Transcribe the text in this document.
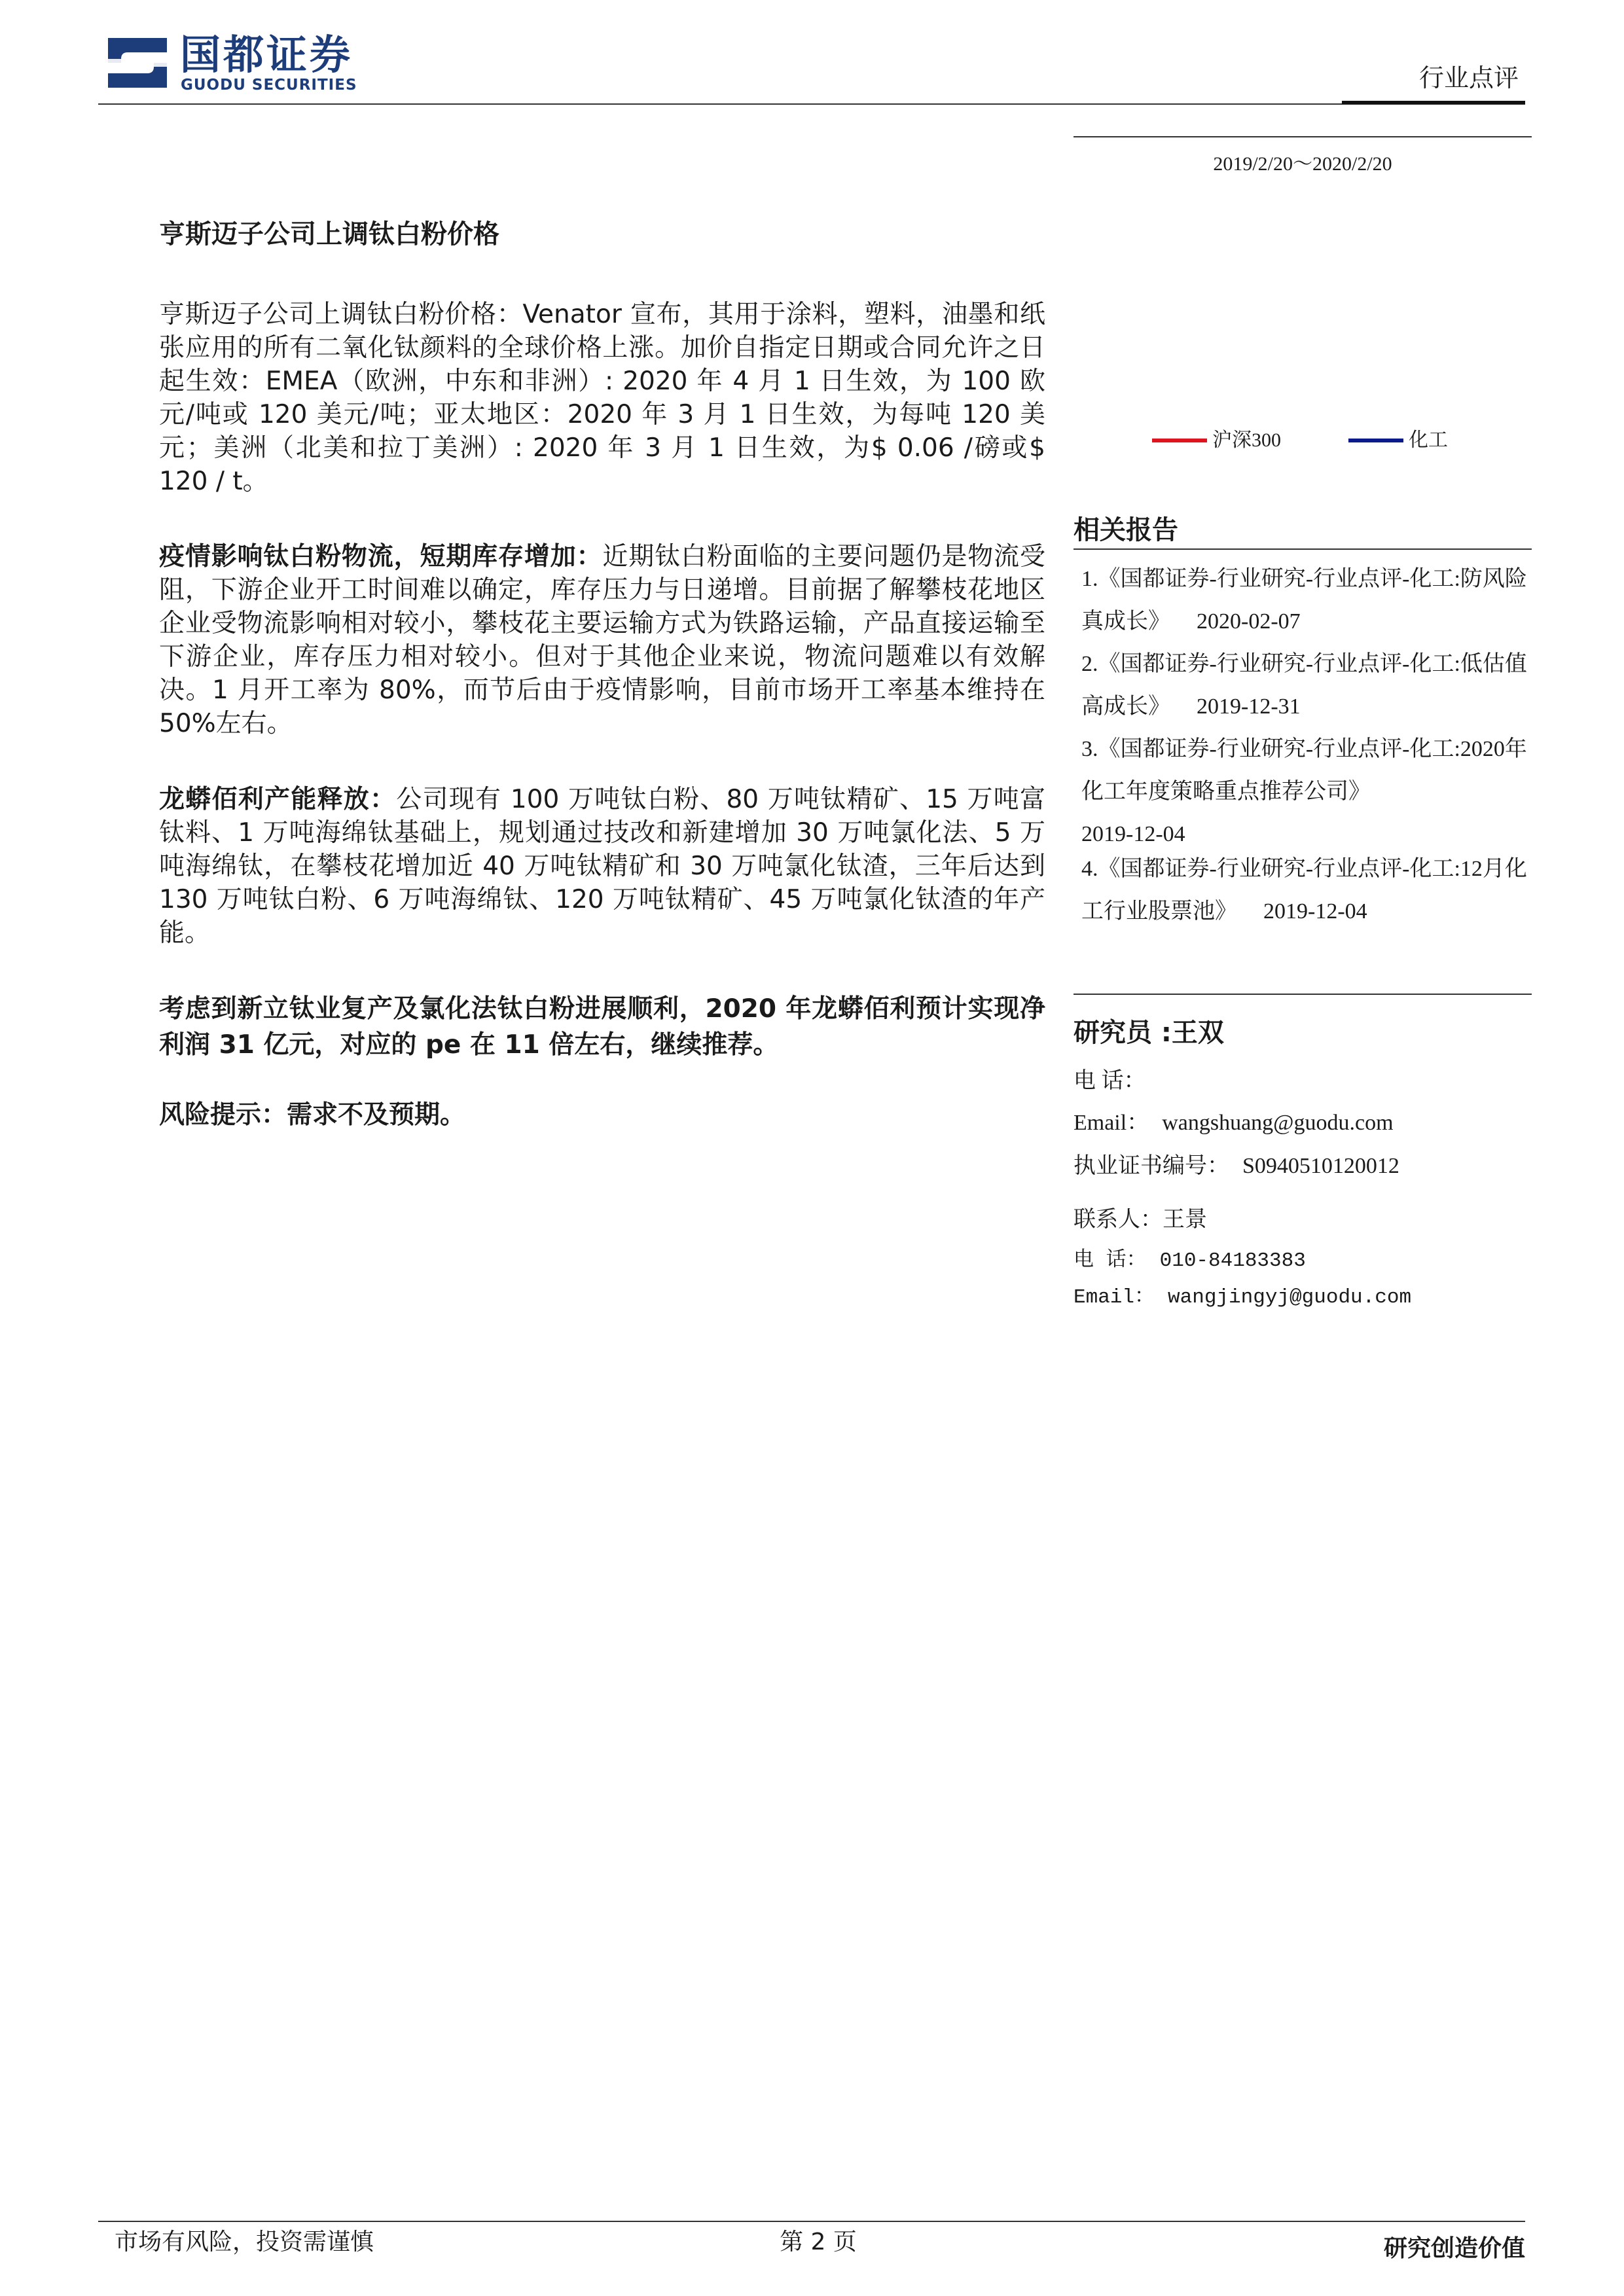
国都证券
GUODU SECURITIES	行业点评
2019/2/20～2020/2/20
沪深300	化工
相关报告
1.《国都证券-行业研究-行业点评-化工:防风险　真成长》 2020-02-07
2.《国都证券-行业研究-行业点评-化工:低估值　高成长》 2019-12-31
3.《国都证券-行业研究-行业点评-化工:2020年化工年度策略重点推荐公司》
2019-12-04
4.《国都证券-行业研究-行业点评-化工:12月化工行业股票池》 2019-12-04
研究员 :王双
电 话：
Email： wangshuang@guodu.com
执业证书编号： S0940510120012
联系人：王景
电 话： 010-84183383
Email： wangjingyj@guodu.com
亨斯迈子公司上调钛白粉价格
亨斯迈子公司上调钛白粉价格：Venator 宣布，其用于涂料，塑料，油墨和纸张应用的所有二氧化钛颜料的全球价格上涨。加价自指定日期或合同允许之日起生效：EMEA（欧洲，中东和非洲）: 2020 年 4 月 1 日生效，为 100 欧元/吨或 120 美元/吨；亚太地区：2020 年 3 月 1 日生效，为每吨 120 美元；美洲（北美和拉丁美洲）: 2020 年 3 月 1 日生效，为$ 0.06 /磅或$ 120 / t。
疫情影响钛白粉物流，短期库存增加：近期钛白粉面临的主要问题仍是物流受阻，下游企业开工时间难以确定，库存压力与日递增。目前据了解攀枝花地区企业受物流影响相对较小，攀枝花主要运输方式为铁路运输，产品直接运输至下游企业，库存压力相对较小。但对于其他企业来说，物流问题难以有效解决。1 月开工率为 80%，而节后由于疫情影响，目前市场开工率基本维持在 50%左右。
龙蟒佰利产能释放：公司现有 100 万吨钛白粉、80 万吨钛精矿、15 万吨富钛料、1 万吨海绵钛基础上，规划通过技改和新建增加 30 万吨氯化法、5 万吨海绵钛，在攀枝花增加近 40 万吨钛精矿和 30 万吨氯化钛渣，三年后达到 130 万吨钛白粉、6 万吨海绵钛、120 万吨钛精矿、45 万吨氯化钛渣的年产能。
考虑到新立钛业复产及氯化法钛白粉进展顺利，2020 年龙蟒佰利预计实现净利润 31 亿元，对应的 pe 在 11 倍左右，继续推荐。
风险提示：需求不及预期。
市场有风险，投资需谨慎	第 2 页	研究创造价值
